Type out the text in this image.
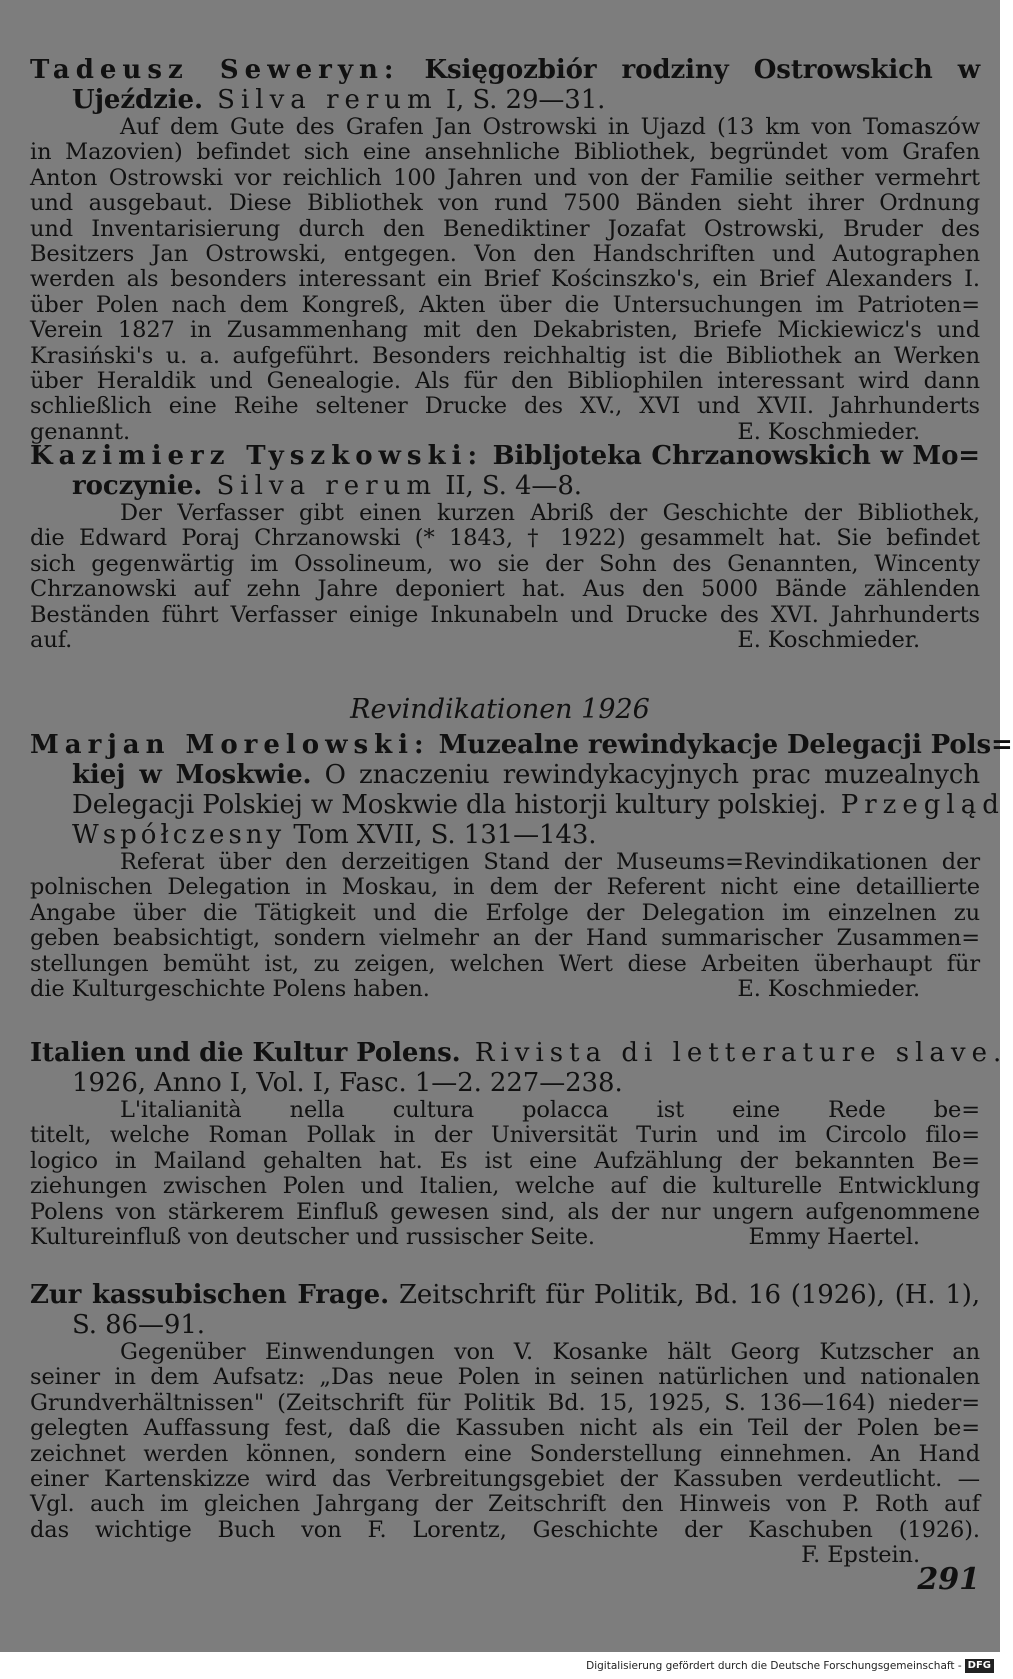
Tadeusz Seweryn: Księgozbiór rodziny Ostrowskich w
Ujeździe. Silva rerum I, S. 29—31.
Auf dem Gute des Grafen Jan Ostrowski in Ujazd (13 km von Tomaszów
in Mazovien) befindet sich eine ansehnliche Bibliothek, begründet vom Grafen
Anton Ostrowski vor reichlich 100 Jahren und von der Familie seither vermehrt
und ausgebaut. Diese Bibliothek von rund 7500 Bänden sieht ihrer Ordnung
und Inventarisierung durch den Benediktiner Jozafat Ostrowski, Bruder des
Besitzers Jan Ostrowski, entgegen. Von den Handschriften und Autographen
werden als besonders interessant ein Brief Kościnszko's, ein Brief Alexanders I.
über Polen nach dem Kongreß, Akten über die Untersuchungen im Patrioten=
Verein 1827 in Zusammenhang mit den Dekabristen, Briefe Mickiewicz's und
Krasiński's u. a. aufgeführt. Besonders reichhaltig ist die Bibliothek an Werken
über Heraldik und Genealogie. Als für den Bibliophilen interessant wird dann
schließlich eine Reihe seltener Drucke des XV., XVI und XVII. Jahrhunderts
genannt.	E. Koschmieder.
Kazimierz Tyszkowski: Bibljoteka Chrzanowskich w Mo=
roczynie. Silva rerum II, S. 4—8.
Der Verfasser gibt einen kurzen Abriß der Geschichte der Bibliothek,
die Edward Poraj Chrzanowski (* 1843, † 1922) gesammelt hat. Sie befindet
sich gegenwärtig im Ossolineum, wo sie der Sohn des Genannten, Wincenty
Chrzanowski auf zehn Jahre deponiert hat. Aus den 5000 Bände zählenden
Beständen führt Verfasser einige Inkunabeln und Drucke des XVI. Jahrhunderts
auf.	E. Koschmieder.
Revindikationen 1926
Marjan Morelowski: Muzealne rewindykacje Delegacji Pols=
kiej w Moskwie. O znaczeniu rewindykacyjnych prac muzealnych
Delegacji Polskiej w Moskwie dla historji kultury polskiej. Przegląd
Współczesny Tom XVII, S. 131—143.
Referat über den derzeitigen Stand der Museums=Revindikationen der
polnischen Delegation in Moskau, in dem der Referent nicht eine detaillierte
Angabe über die Tätigkeit und die Erfolge der Delegation im einzelnen zu
geben beabsichtigt, sondern vielmehr an der Hand summarischer Zusammen=
stellungen bemüht ist, zu zeigen, welchen Wert diese Arbeiten überhaupt für
die Kulturgeschichte Polens haben.	E. Koschmieder.
Italien und die Kultur Polens. Rivista di letterature slave.
1926, Anno I, Vol. I, Fasc. 1—2. 227—238.
L'italianità nella cultura polacca ist eine Rede be=
titelt, welche Roman Pollak in der Universität Turin und im Circolo filo=
logico in Mailand gehalten hat. Es ist eine Aufzählung der bekannten Be=
ziehungen zwischen Polen und Italien, welche auf die kulturelle Entwicklung
Polens von stärkerem Einfluß gewesen sind, als der nur ungern aufgenommene
Kultureinfluß von deutscher und russischer Seite.	Emmy Haertel.
Zur kassubischen Frage. Zeitschrift für Politik, Bd. 16 (1926), (H. 1),
S. 86—91.
Gegenüber Einwendungen von V. Kosanke hält Georg Kutzscher an
seiner in dem Aufsatz: „Das neue Polen in seinen natürlichen und nationalen
Grundverhältnissen" (Zeitschrift für Politik Bd. 15, 1925, S. 136—164) nieder=
gelegten Auffassung fest, daß die Kassuben nicht als ein Teil der Polen be=
zeichnet werden können, sondern eine Sonderstellung einnehmen. An Hand
einer Kartenskizze wird das Verbreitungsgebiet der Kassuben verdeutlicht. —
Vgl. auch im gleichen Jahrgang der Zeitschrift den Hinweis von P. Roth auf
das wichtige Buch von F. Lorentz, Geschichte der Kaschuben (1926).
F. Epstein.
291
Digitalisierung gefördert durch die Deutsche Forschungsgemeinschaft - DFG
